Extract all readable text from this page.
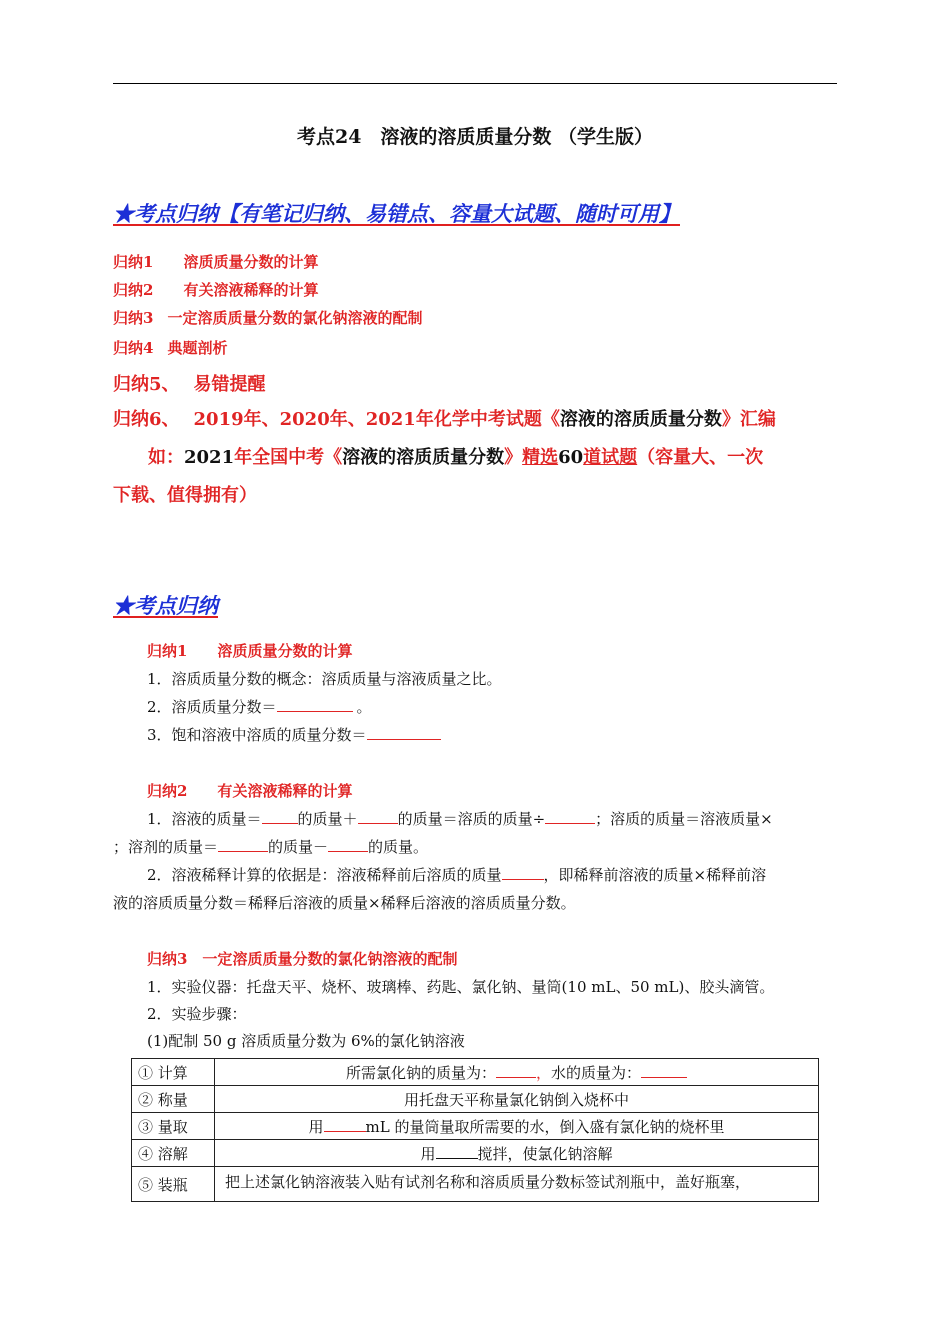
考点24　溶液的溶质质量分数 （学生版）
★考点归纳【有笔记归纳、易错点、容量大试题、随时可用】
归纳1 溶质质量分数的计算
归纳2 有关溶液稀释的计算
归纳3 一定溶质质量分数的氯化钠溶液的配制
归纳4 典题剖析
归纳5、 易错提醒
归纳6、 2019年、2020年、2021年化学中考试题《溶液的溶质质量分数》汇编
如：2021年全国中考《溶液的溶质质量分数》精选60道试题（容量大、一次
下载、值得拥有）
★考点归纳
归纳1　　溶质质量分数的计算
1．溶质质量分数的概念：溶质质量与溶液质量之比。
2．溶质质量分数＝	。
3．饱和溶液中溶质的质量分数＝
归纳2　　有关溶液稀释的计算
1．溶液的质量＝ 的质量＋	的质量＝溶质的质量÷	；溶质的质量＝溶液质量×
；溶剂的质量＝	的质量－	的质量。
2．溶液稀释计算的依据是：溶液稀释前后溶质的质量	，即稀释前溶液的质量×稀释前溶
液的溶质质量分数＝稀释后溶液的质量×稀释后溶液的溶质质量分数。
归纳3　一定溶质质量分数的氯化钠溶液的配制
1．实验仪器：托盘天平、烧杯、玻璃棒、药匙、氯化钠、量筒(10 mL、50 mL)、胶头滴管。
2．实验步骤：
(1)配制 50 g 溶质质量分数为 6%的氯化钠溶液
① 计算	所需氯化钠的质量为： ，水的质量为：
② 称量	用托盘天平称量氯化钠倒入烧杯中
③ 量取	用 mL 的量筒量取所需要的水，倒入盛有氯化钠的烧杯里
④ 溶解	用 搅拌，使氯化钠溶解
⑤ 装瓶	把上述氯化钠溶液装入贴有试剂名称和溶质质量分数标签试剂瓶中，盖好瓶塞，
